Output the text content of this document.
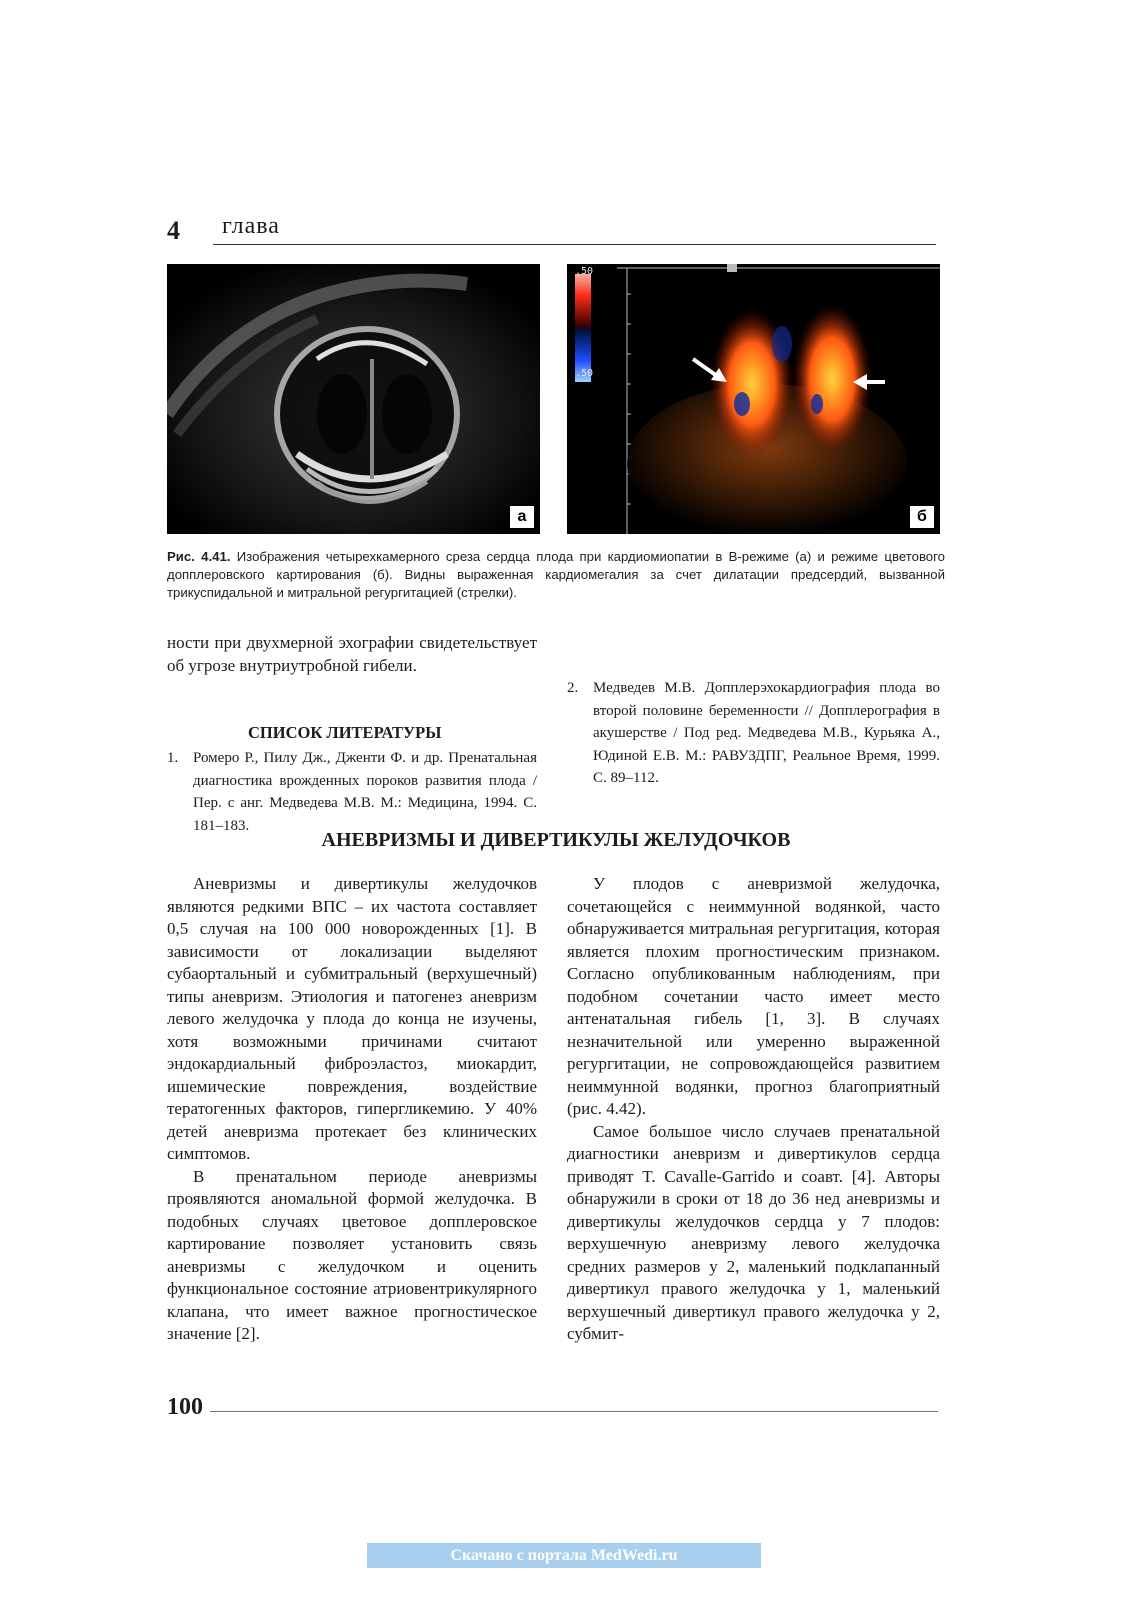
4 глава
а
.50
.50
б
Рис. 4.41. Изображения четырехкамерного среза сердца плода при кардиомиопатии в В-режиме (а) и режиме цветового допплеровского картирования (б). Видны выраженная кардиомегалия за счет дилатации предсердий, вызванной трикуспидальной и митральной регургитацией (стрелки).

ности при двухмерной эхографии свидетельствует об угрозе внутриутробной гибели.

СПИСОК ЛИТЕРАТУРЫ
1. Ромеро Р., Пилу Дж., Дженти Ф. и др. Пренатальная диагностика врожденных пороков развития плода / Пер. с анг. Медведева М.В. М.: Медицина, 1994. С. 181–183.
2. Медведев М.В. Допплерэхокардиография плода во второй половине беременности // Допплерография в акушерстве / Под ред. Медведева М.В., Курьяка А., Юдиной Е.В. М.: РАВУЗДПГ, Реальное Время, 1999. С. 89–112.
АНЕВРИЗМЫ И ДИВЕРТИКУЛЫ ЖЕЛУДОЧКОВ

Аневризмы и дивертикулы желудочков являются редкими ВПС – их частота составляет 0,5 случая на 100 000 новорожденных [1]. В зависимости от локализации выделяют субаортальный и субмитральный (верхушечный) типы аневризм. Этиология и патогенез аневризм левого желудочка у плода до конца не изучены, хотя возможными причинами считают эндокардиальный фиброэластоз, миокардит, ишемические повреждения, воздействие тератогенных факторов, гипергликемию. У 40% детей аневризма протекает без клинических симптомов.

В пренатальном периоде аневризмы проявляются аномальной формой желудочка. В подобных случаях цветовое допплеровское картирование позволяет установить связь аневризмы с желудочком и оценить функциональное состояние атриовентрикулярного клапана, что имеет важное прогностическое значение [2].

У плодов с аневризмой желудочка, сочетающейся с неиммунной водянкой, часто обнаруживается митральная регургитация, которая является плохим прогностическим признаком. Согласно опубликованным наблюдениям, при подобном сочетании часто имеет место антенатальная гибель [1, 3]. В случаях незначительной или умеренно выраженной регургитации, не сопровождающейся развитием неиммунной водянки, прогноз благоприятный (рис. 4.42).

Самое большое число случаев пренатальной диагностики аневризм и дивертикулов сердца приводят T. Cavalle-Garrido и соавт. [4]. Авторы обнаружили в сроки от 18 до 36 нед аневризмы и дивертикулы желудочков сердца у 7 плодов: верхушечную аневризму левого желудочка средних размеров у 2, маленький подклапанный дивертикул правого желудочка у 1, маленький верхушечный дивертикул правого желудочка у 2, субмит-

100
Скачано с портала MedWedi.ru
